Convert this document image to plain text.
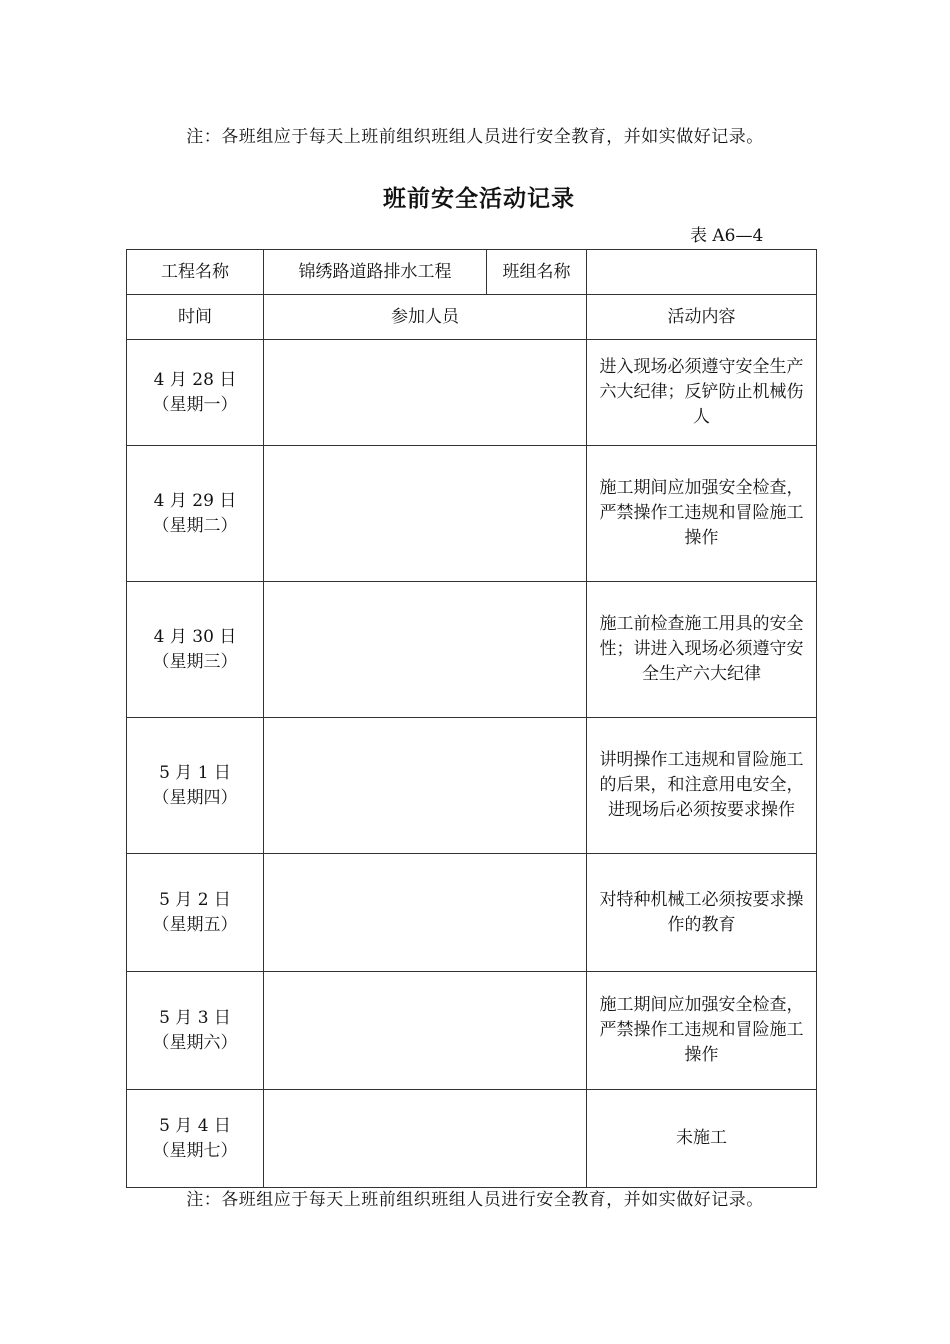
注：各班组应于每天上班前组织班组人员进行安全教育，并如实做好记录。
班前安全活动记录
表 A6—4
工程名称	锦绣路道路排水工程	班组名称	
时间	参加人员		活动内容

4 月 28 日
（星期一）			进入现场必须遵守安全生产六大纪律；反铲防止机械伤人

4 月 29 日
（星期二）			施工期间应加强安全检查，严禁操作工违规和冒险施工操作

4 月 30 日
（星期三）			施工前检查施工用具的安全性；讲进入现场必须遵守安全生产六大纪律

5 月 1 日
（星期四）			讲明操作工违规和冒险施工的后果，和注意用电安全，进现场后必须按要求操作

5 月 2 日
（星期五）			对特种机械工必须按要求操作的教育

5 月 3 日
（星期六）			施工期间应加强安全检查，严禁操作工违规和冒险施工操作

5 月 4 日
（星期七）			未施工
注：各班组应于每天上班前组织班组人员进行安全教育，并如实做好记录。
